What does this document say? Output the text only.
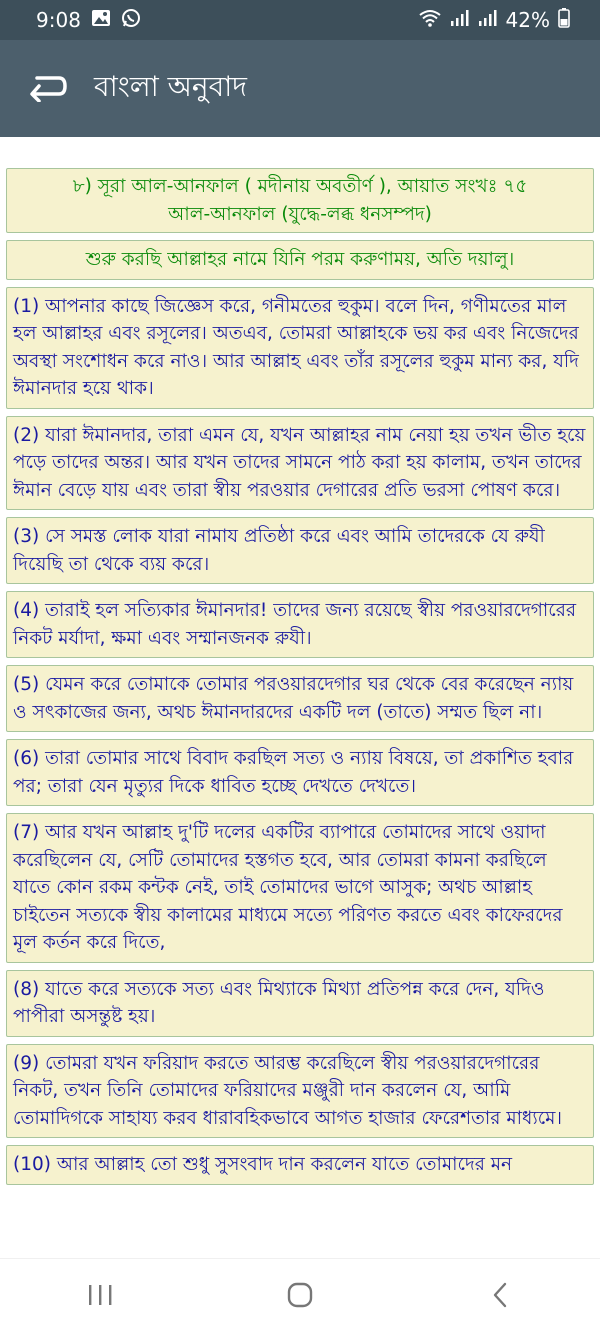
9:08	42%
বাংলা অনুবাদ
৮) সূরা আল-আনফাল ( মদীনায় অবতীর্ণ ), আয়াত সংখঃ ৭৫
আল-আনফাল (যুদ্ধে-লব্ধ ধনসম্পদ)
শুরু করছি আল্লাহর নামে যিনি পরম করুণাময়, অতি দয়ালু।
(1) আপনার কাছে জিজ্ঞেস করে, গনীমতের হুকুম। বলে দিন, গণীমতের মাল হল আল্লাহর এবং রসূলের। অতএব, তোমরা আল্লাহকে ভয় কর এবং নিজেদের অবস্থা সংশোধন করে নাও। আর আল্লাহ এবং তাঁর রসূলের হুকুম মান্য কর, যদি ঈমানদার হয়ে থাক।
(2) যারা ঈমানদার, তারা এমন যে, যখন আল্লাহর নাম নেয়া হয় তখন ভীত হয়ে পড়ে তাদের অন্তর। আর যখন তাদের সামনে পাঠ করা হয় কালাম, তখন তাদের ঈমান বেড়ে যায় এবং তারা স্বীয় পরওয়ার দেগারের প্রতি ভরসা পোষণ করে।
(3) সে সমস্ত লোক যারা নামায প্রতিষ্ঠা করে এবং আমি তাদেরকে যে রুযী দিয়েছি তা থেকে ব্যয় করে।
(4) তারাই হল সত্যিকার ঈমানদার! তাদের জন্য রয়েছে স্বীয় পরওয়ারদেগারের নিকট মর্যাদা, ক্ষমা এবং সম্মানজনক রুযী।
(5) যেমন করে তোমাকে তোমার পরওয়ারদেগার ঘর থেকে বের করেছেন ন্যায় ও সৎকাজের জন্য, অথচ ঈমানদারদের একটি দল (তাতে) সম্মত ছিল না।
(6) তারা তোমার সাথে বিবাদ করছিল সত্য ও ন্যায় বিষয়ে, তা প্রকাশিত হবার পর; তারা যেন মৃত্যুর দিকে ধাবিত হচ্ছে দেখতে দেখতে।
(7) আর যখন আল্লাহ দু'টি দলের একটির ব্যাপারে তোমাদের সাথে ওয়াদা করেছিলেন যে, সেটি তোমাদের হস্তগত হবে, আর তোমরা কামনা করছিলে যাতে কোন রকম কন্টক নেই, তাই তোমাদের ভাগে আসুক; অথচ আল্লাহ চাইতেন সত্যকে স্বীয় কালামের মাধ্যমে সত্যে পরিণত করতে এবং কাফেরদের মূল কর্তন করে দিতে,
(8) যাতে করে সত্যকে সত্য এবং মিথ্যাকে মিথ্যা প্রতিপন্ন করে দেন, যদিও পাপীরা অসন্তুষ্ট হয়।
(9) তোমরা যখন ফরিয়াদ করতে আরম্ভ করেছিলে স্বীয় পরওয়ারদেগারের নিকট, তখন তিনি তোমাদের ফরিয়াদের মঞ্জুরী দান করলেন যে, আমি তোমাদিগকে সাহায্য করব ধারাবহিকভাবে আগত হাজার ফেরেশতার মাধ্যমে।
(10) আর আল্লাহ তো শুধু সুসংবাদ দান করলেন যাতে তোমাদের মন
